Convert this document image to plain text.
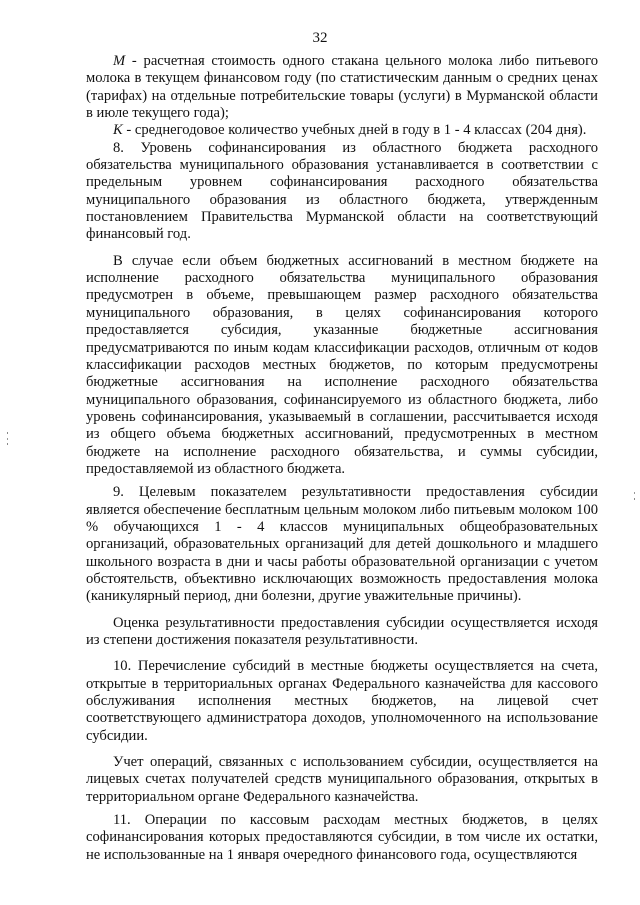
32

М - расчетная стоимость одного стакана цельного молока либо питьевого молока в текущем финансовом году (по статистическим данным о средних ценах (тарифах) на отдельные потребительские товары (услуги) в Мурманской области в июле текущего года);

К - среднегодовое количество учебных дней в году в 1 - 4 классах (204 дня).

8. Уровень софинансирования из областного бюджета расходного обязательства муниципального образования устанавливается в соответствии с предельным уровнем софинансирования расходного обязательства муниципального образования из областного бюджета, утвержденным постановлением Правительства Мурманской области на соответствующий финансовый год.

В случае если объем бюджетных ассигнований в местном бюджете на исполнение расходного обязательства муниципального образования предусмотрен в объеме, превышающем размер расходного обязательства муниципального образования, в целях софинансирования которого предоставляется субсидия, указанные бюджетные ассигнования предусматриваются по иным кодам классификации расходов, отличным от кодов классификации расходов местных бюджетов, по которым предусмотрены бюджетные ассигнования на исполнение расходного обязательства муниципального образования, софинансируемого из областного бюджета, либо уровень софинансирования, указываемый в соглашении, рассчитывается исходя из общего объема бюджетных ассигнований, предусмотренных в местном бюджете на исполнение расходного обязательства, и суммы субсидии, предоставляемой из областного бюджета.

9. Целевым показателем результативности предоставления субсидии является обеспечение бесплатным цельным молоком либо питьевым молоком 100 % обучающихся 1 - 4 классов муниципальных общеобразовательных организаций, образовательных организаций для детей дошкольного и младшего школьного возраста в дни и часы работы образовательной организации с учетом обстоятельств, объективно исключающих возможность предоставления молока (каникулярный период, дни болезни, другие уважительные причины).

Оценка результативности предоставления субсидии осуществляется исходя из степени достижения показателя результативности.

10. Перечисление субсидий в местные бюджеты осуществляется на счета, открытые в территориальных органах Федерального казначейства для кассового обслуживания исполнения местных бюджетов, на лицевой счет соответствующего администратора доходов, уполномоченного на использование субсидии.

Учет операций, связанных с использованием субсидии, осуществляется на лицевых счетах получателей средств муниципального образования, открытых в территориальном органе Федерального казначейства.

11. Операции по кассовым расходам местных бюджетов, в целях софинансирования которых предоставляются субсидии, в том числе их остатки, не использованные на 1 января очередного финансового года, осуществляются
